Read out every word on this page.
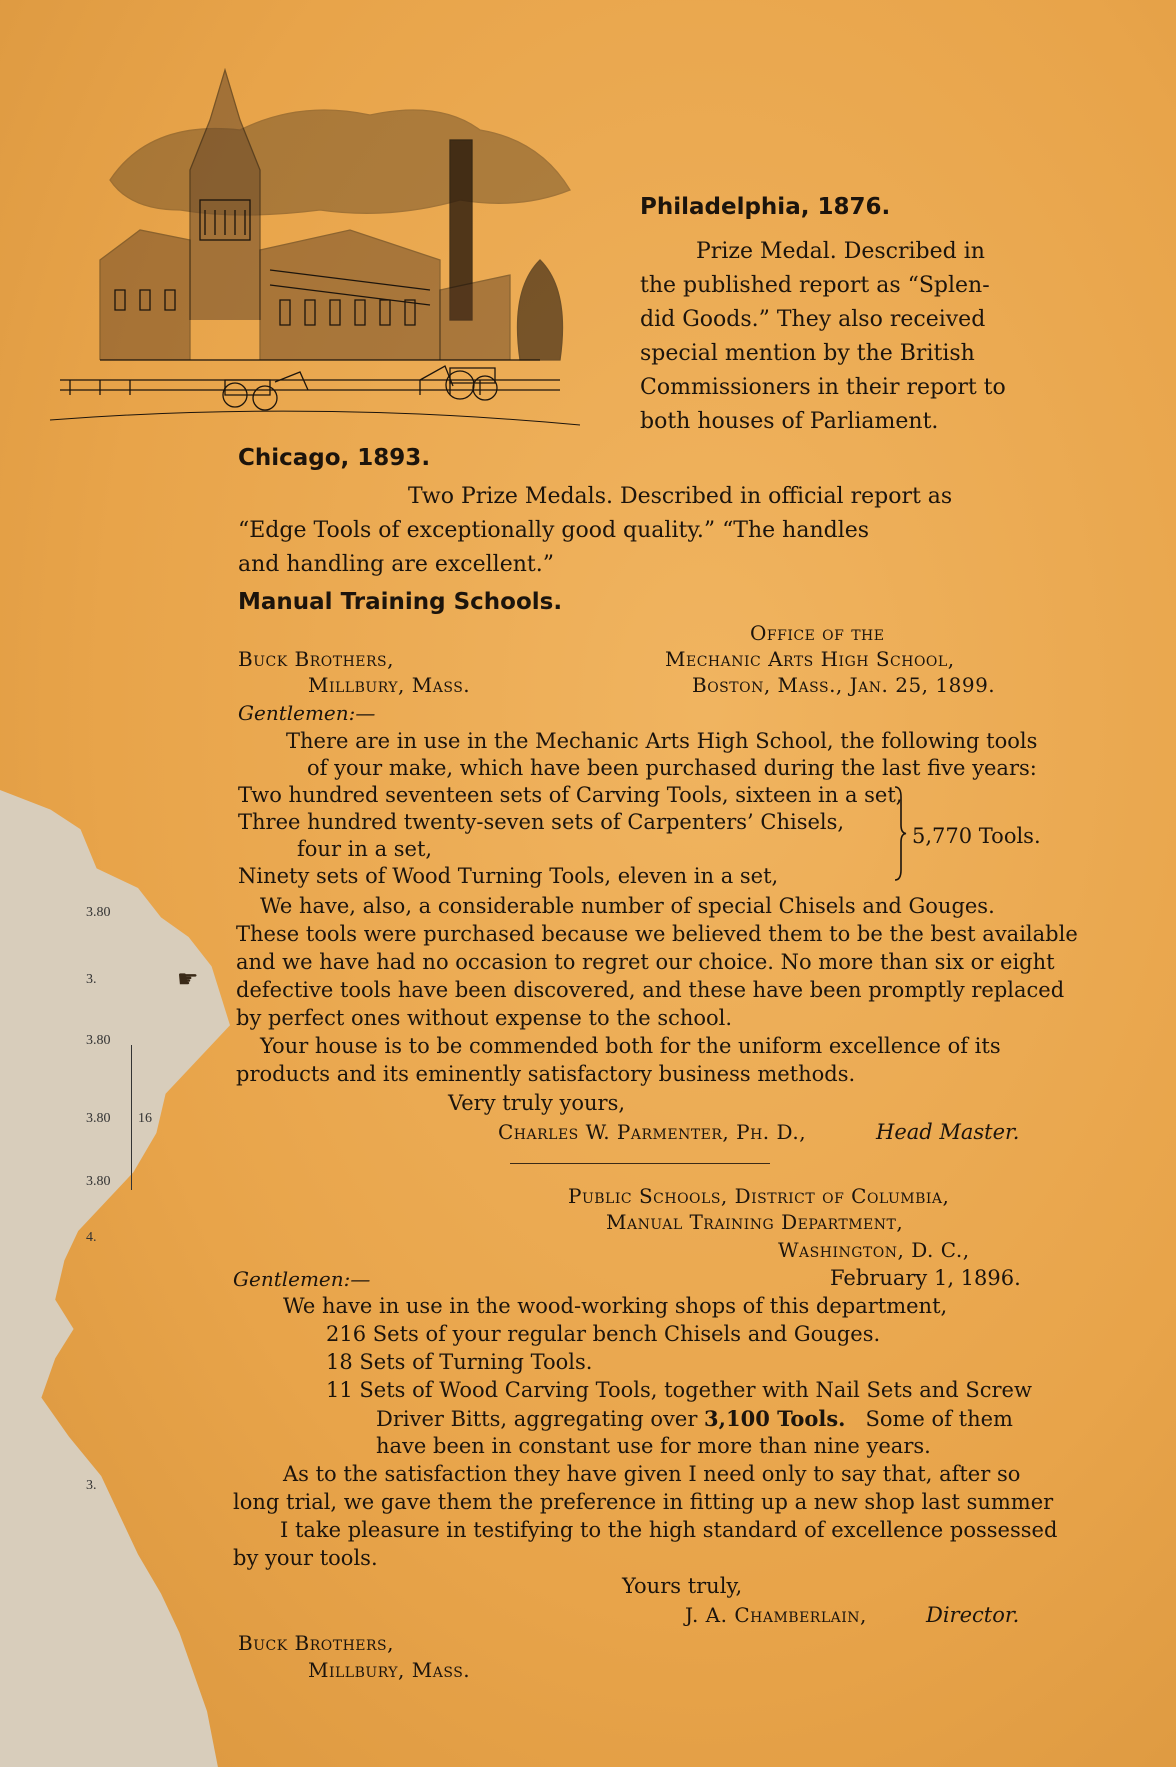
3.80
3.
3.80
3.80
3.80
4.
3.
16
Philadelphia, 1876.
Prize Medal. Described in
the published report as “Splen-
did Goods.” They also received
special mention by the British
Commissioners in their report to
both houses of Parliament.
Chicago, 1893.
Two Prize Medals. Described in official report as
“Edge Tools of exceptionally good quality.” “The handles
and handling are excellent.”
Manual Training Schools.
Office of the
Buck Brothers,	Mechanic Arts High School,
Millbury, Mass.	Boston, Mass., Jan. 25, 1899.
Gentlemen:—
There are in use in the Mechanic Arts High School, the following tools
of your make, which have been purchased during the last five years:
Two hundred seventeen sets of Carving Tools, sixteen in a set,
Three hundred twenty-seven sets of Carpenters’ Chisels,
four in a set,
Ninety sets of Wood Turning Tools, eleven in a set,
5,770 Tools.
We have, also, a considerable number of special Chisels and Gouges.
These tools were purchased because we believed them to be the best available
and we have had no occasion to regret our choice. No more than six or eight
defective tools have been discovered, and these have been promptly replaced
by perfect ones without expense to the school.
Your house is to be commended both for the uniform excellence of its
products and its eminently satisfactory business methods.
☛
Very truly yours,
Charles W. Parmenter, Ph. D.,	Head Master.
Public Schools, District of Columbia,
Manual Training Department,
Washington, D. C.,
Gentlemen:—	February 1, 1896.
We have in use in the wood-working shops of this department,
216 Sets of your regular bench Chisels and Gouges.
18 Sets of Turning Tools.
11 Sets of Wood Carving Tools, together with Nail Sets and Screw
Driver Bitts, aggregating over 3,100 Tools.   Some of them
have been in constant use for more than nine years.
As to the satisfaction they have given I need only to say that, after so
long trial, we gave them the preference in fitting up a new shop last summer
I take pleasure in testifying to the high standard of excellence possessed
by your tools.
Yours truly,
J. A. Chamberlain,	Director.
Buck Brothers,
Millbury, Mass.
